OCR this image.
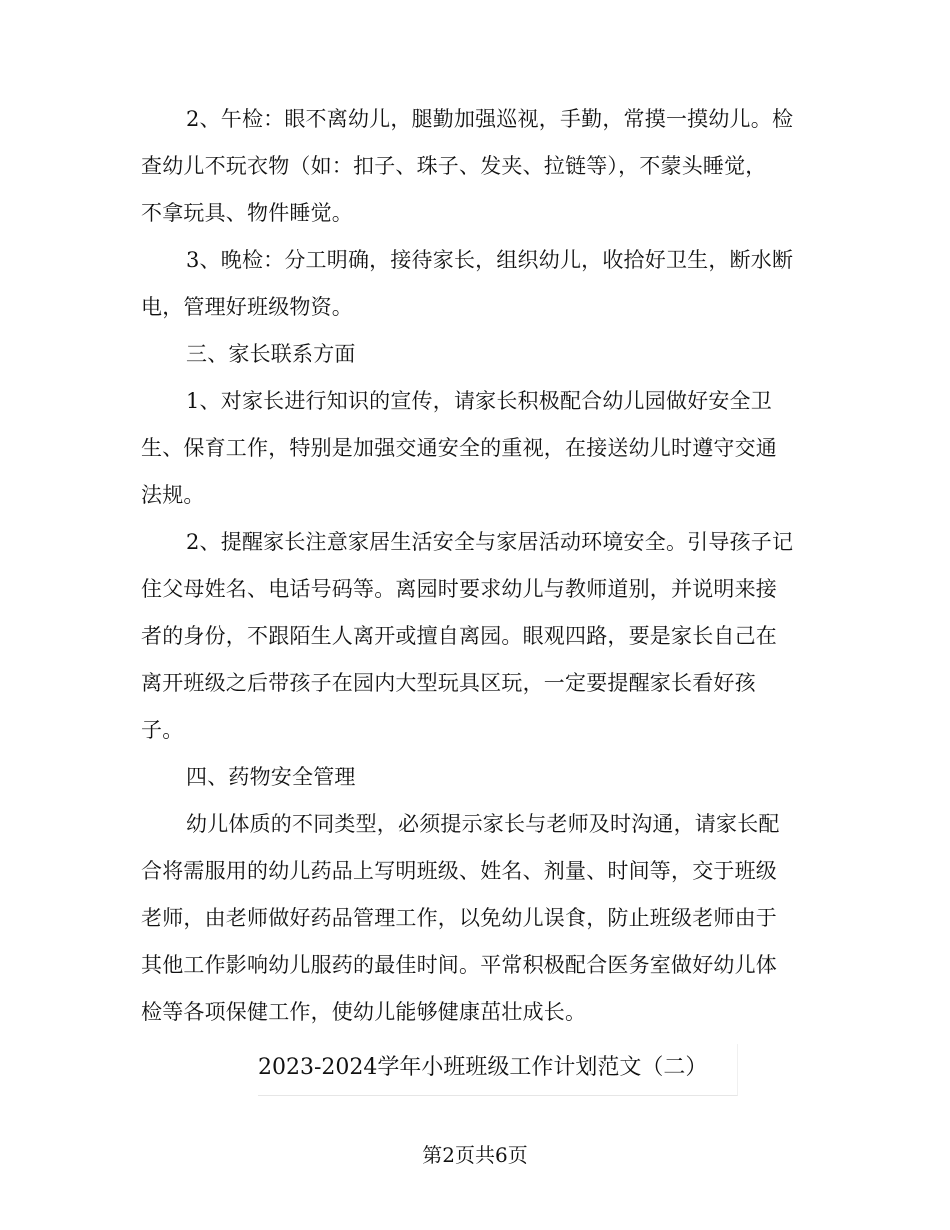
2、午检：眼不离幼儿，腿勤加强巡视，手勤，常摸一摸幼儿。检
查幼儿不玩衣物（如：扣子、珠子、发夹、拉链等），不蒙头睡觉，
不拿玩具、物件睡觉。
3、晚检：分工明确，接待家长，组织幼儿，收拾好卫生，断水断
电，管理好班级物资。
三、家长联系方面
1、对家长进行知识的宣传，请家长积极配合幼儿园做好安全卫
生、保育工作，特别是加强交通安全的重视，在接送幼儿时遵守交通
法规。
2、提醒家长注意家居生活安全与家居活动环境安全。引导孩子记
住父母姓名、电话号码等。离园时要求幼儿与教师道别，并说明来接
者的身份，不跟陌生人离开或擅自离园。眼观四路，要是家长自己在
离开班级之后带孩子在园内大型玩具区玩，一定要提醒家长看好孩
子。
四、药物安全管理
幼儿体质的不同类型，必须提示家长与老师及时沟通，请家长配
合将需服用的幼儿药品上写明班级、姓名、剂量、时间等，交于班级
老师，由老师做好药品管理工作，以免幼儿误食，防止班级老师由于
其他工作影响幼儿服药的最佳时间。平常积极配合医务室做好幼儿体
检等各项保健工作，使幼儿能够健康茁壮成长。
2023-2024学年小班班级工作计划范文（二）
第2页共6页
